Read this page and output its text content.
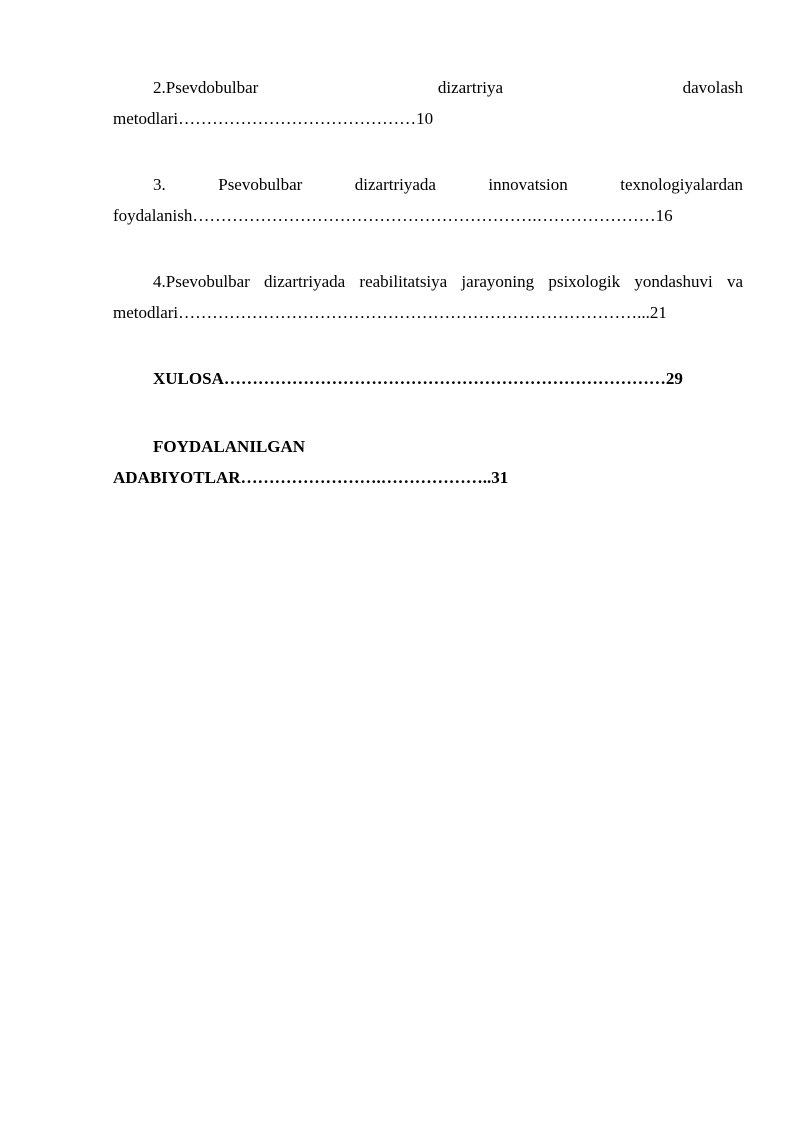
2.Psevdobulbar dizartriya davolash
metodlari……………………………………10
3. Psevobulbar dizartriyada innovatsion texnologiyalardan
foydalanish…………………………………………………….…………………16
4.Psevobulbar dizartriyada reabilitatsiya jarayoning psixologik yondashuvi va
metodlari………………………………………………………………………...21
XULOSA……………………………………………………………………29
FOYDALANILGAN
ADABIYOTLAR…………………….………………..31
